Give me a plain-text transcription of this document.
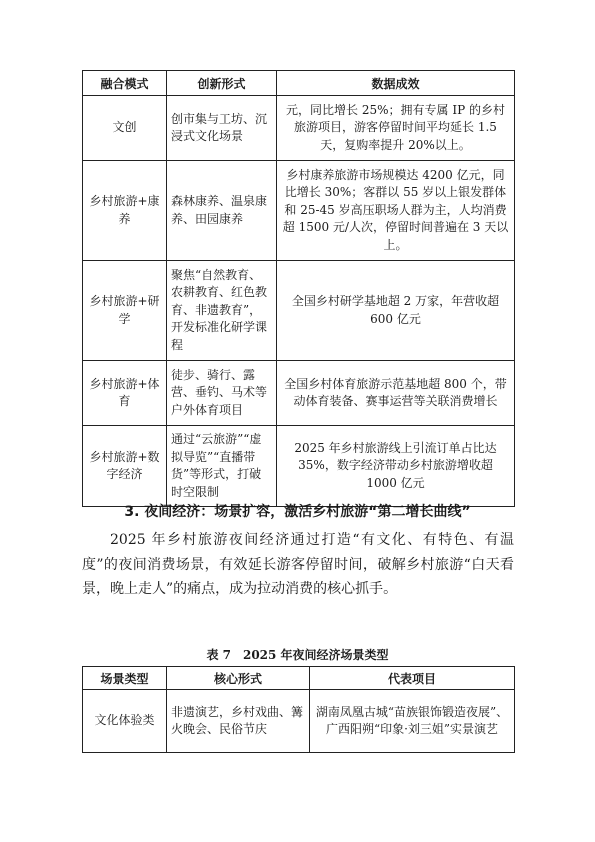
融合模式	创新形式	数据成效
文创	创市集与工坊、沉浸式文化场景	元，同比增长 25%；拥有专属 IP 的乡村旅游项目，游客停留时间平均延长 1.5 天，复购率提升 20%以上。
乡村旅游+康养	森林康养、温泉康养、田园康养	乡村康养旅游市场规模达 4200 亿元，同比增长 30%；客群以 55 岁以上银发群体和 25-45 岁高压职场人群为主，人均消费超 1500 元/人次，停留时间普遍在 3 天以上。
乡村旅游+研学	聚焦“自然教育、农耕教育、红色教育、非遗教育”，开发标准化研学课程	全国乡村研学基地超 2 万家，年营收超 600 亿元
乡村旅游+体育	徒步、骑行、露营、垂钓、马术等户外体育项目	全国乡村体育旅游示范基地超 800 个，带动体育装备、赛事运营等关联消费增长
乡村旅游+数字经济	通过“云旅游”“虚拟导览”“直播带货”等形式，打破时空限制	2025 年乡村旅游线上引流订单占比达 35%，数字经济带动乡村旅游增收超 1000 亿元
3. 夜间经济：场景扩容，激活乡村旅游“第二增长曲线”

2025 年乡村旅游夜间经济通过打造“有文化、有特色、有温度”的夜间消费场景，有效延长游客停留时间，破解乡村旅游“白天看景，晚上走人”的痛点，成为拉动消费的核心抓手。

表 7　2025 年夜间经济场景类型
场景类型	核心形式	代表项目
文化体验类	非遗演艺，乡村戏曲、篝火晚会、民俗节庆	湖南凤凰古城“苗族银饰锻造夜展”、广西阳朔“印象·刘三姐”实景演艺
